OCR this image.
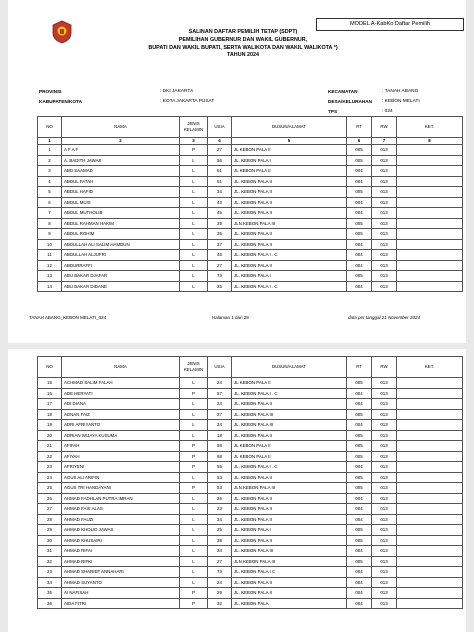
MODEL A-KabKo Daftar Pemilih
SALINAN DAFTAR PEMILIH TETAP (SDPT)
PEMILIHAN GUBERNUR DAN WAKIL GUBERNUR,
BUPATI DAN WAKIL BUPATI, SERTA WALIKOTA DAN WAKIL WALIKOTA *)
TAHUN 2024
PROVINSI	: DKI JAKARTA
KABUPATEN/KOTA	: KOTA JAKARTA PUSAT
KECAMATAN	: TANAH ABANG
DESA/KELURAHAN : KEBON MELATI
TPS	: 024
NO	NAMA	JENIS KELAMIN	USIA	DUSUN/ALAMAT	RT	RW	KET.
1	2	3	4	5	6	7	8
1	A F A F	P	27	JL KEBON PALA II	005	013	
2	A. BADITH JAWAS	L	56	JL. KEBON PALA I	005	013	
3	ABD SAAMAD	L	61	JL KEBON PALA II	004	013	
4	ABDUL FATAH	L	51	JL. KEBON PALA II	004	013	
5	ABDUL HAFID	L	34	JL. KEBON PALA II	005	013	
6	ABDUL MUIS	L	43	JL. KEBON PALA II	004	013	
7	ABDUL MUTHOLIB	L	45	JL. KEBON PALA II	004	013	
8	ABDUL RAHMAN HAKIM	L	39	JLN.KEBON PALA III	005	013	
9	ABDUL ROHIM	L	35	JL. KEBON PALA II	005	013	
10	ABDULLAH ALI SALIM HAMDUN	L	37	JL. KEBON PALA II	004	013	
11	ABDULLAH ALJUFRI	L	45	JL. KEBON PALA I . C	004	013	
12	ABDURRAFFI	L	27	JL. KEBON PALA II	004	013	
13	ABU BAKAR DJAFAR	L	73	JL. KEBON PALA I	005	013	
14	ABU BAKAR DIDANE	L	25	JL. KEBON PALA I . C	004	013	
TANAH ABANG_KEBON MELATI_024	Halaman 1 dari 28	data per tanggal 21 November 2024
NO	NAMA	JENIS KELAMIN	USIA	DUSUN/ALAMAT	RT	RW	KET.
15	ACHMAD SALIM FALAH	L	24	JL KEBON PALA II	005	013	
16	ADE HERYATI	P	57	JL. KEBON PALA I . C	004	013	
17	ADI DIANA	L	24	JL. KEBON PALA II	004	013	
18	ADNAN FAIZ	L	27	JL. KEBON PALA III	005	013	
19	ADRI AFRIYANTO	L	34	JL. KEBON PALA III	004	013	
20	ADRIAN WIJAYA KUSUMA	L	18	JL. KEBON PALA II	005	013	
21	AFIFAH	P	58	JL KEBON PALA II	005	013	
22	AFIYAH	P	68	JL KEBON PALA II	005	013	
23	AFRIYENI	P	55	JL. KEBON PALA I . C	004	013	
24	AGUS ALI ARIFIN	L	53	JL. KEBON PALA II	005	013	
25	AGUS TRI HANDAYANI	P	53	JLN.KEBON PALA III	005	013	
26	AHMAD FADHLAN PUTRA IMRAN	L	26	JL. KEBON PALA II	004	013	
27	AHMAD FAIS ALAS	L	23	JL. KEBON PALA II	004	013	
28	AHMAD FAUZI	L	34	JL. KEBON PALA II	004	013	
29	AHMAD KHOLID JAWAS	L	25	JL. KEBON PALA I	005	013	
30	AHMAD KHUSAIRI	L	38	JL. KEBON PALA II	005	013	
31	AHMAD RIFAI	L	34	JL. KEBON PALA III	004	013	
32	AHMAD RIFKI	L	27	JLN.KEBON PALA III	005	013	
33	AHMAD SHARIEF ANNAHARI	L	73	JL. KEBON PALA I C	004	013	
34	AHMAD SUYANTO	L	24	JL. KEBON PALA II	004	013	
35	AI NAFISAH	P	29	JL. KEBON PALA II	004	013	
36	AIDA FITRI	P	32	JL. KEBON PALA	004	013	
